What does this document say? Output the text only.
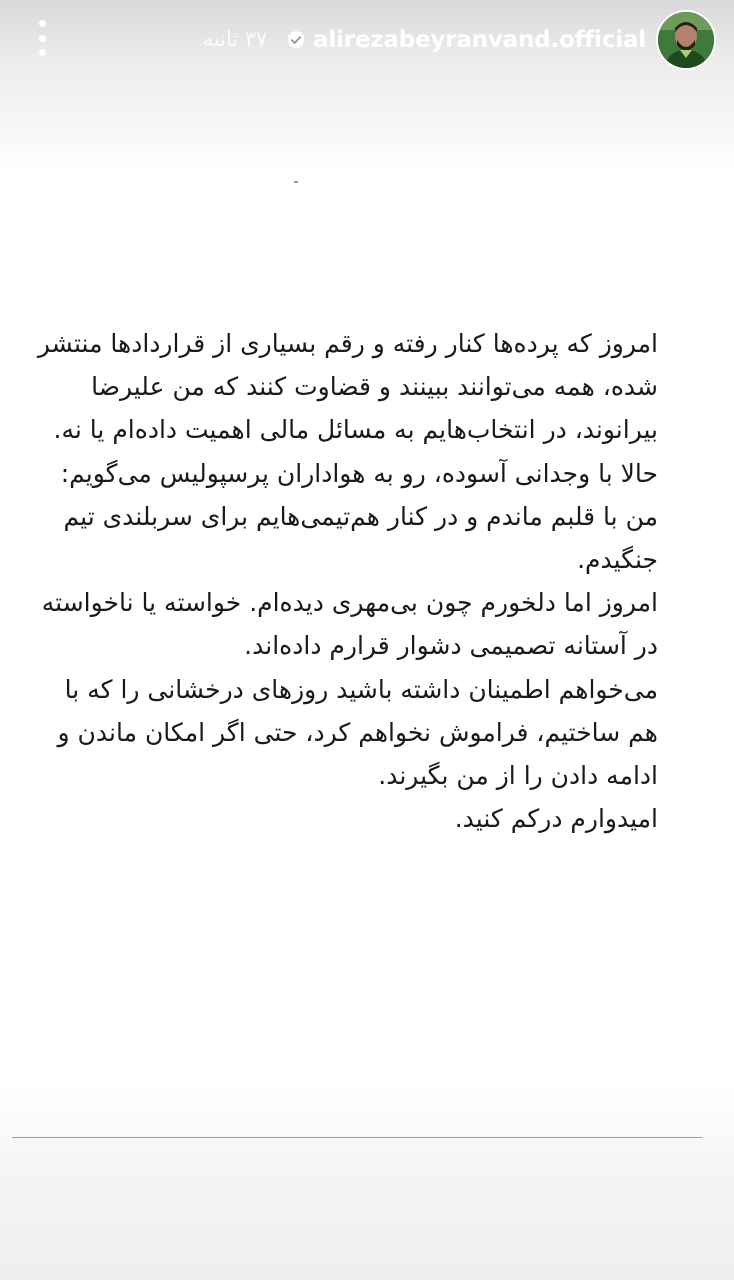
۳۷ ثانیه	alirezabeyranvand.official

امروز که پرده‌ها کنار رفته و رقم بسیاری از قراردادها منتشر شده، همه می‌توانند ببینند و قضاوت کنند که من علیرضا بیرانوند، در انتخاب‌هایم به مسائل مالی اهمیت داده‌ام یا نه.

حالا با وجدانی آسوده، رو به هواداران پرسپولیس می‌گویم:

من با قلبم ماندم و در کنار هم‌تیمی‌هایم برای سربلندی تیم جنگیدم.

امروز اما دلخورم چون بی‌مهری دیده‌ام. خواسته یا ناخواسته در آستانه تصمیمی دشوار قرارم داده‌اند.

می‌خواهم اطمینان داشته باشید روزهای درخشانی را که با هم ساختیم، فراموش نخواهم کرد، حتی اگر امکان ماندن و ادامه دادن را از من بگیرند.

امیدوارم درکم کنید.
